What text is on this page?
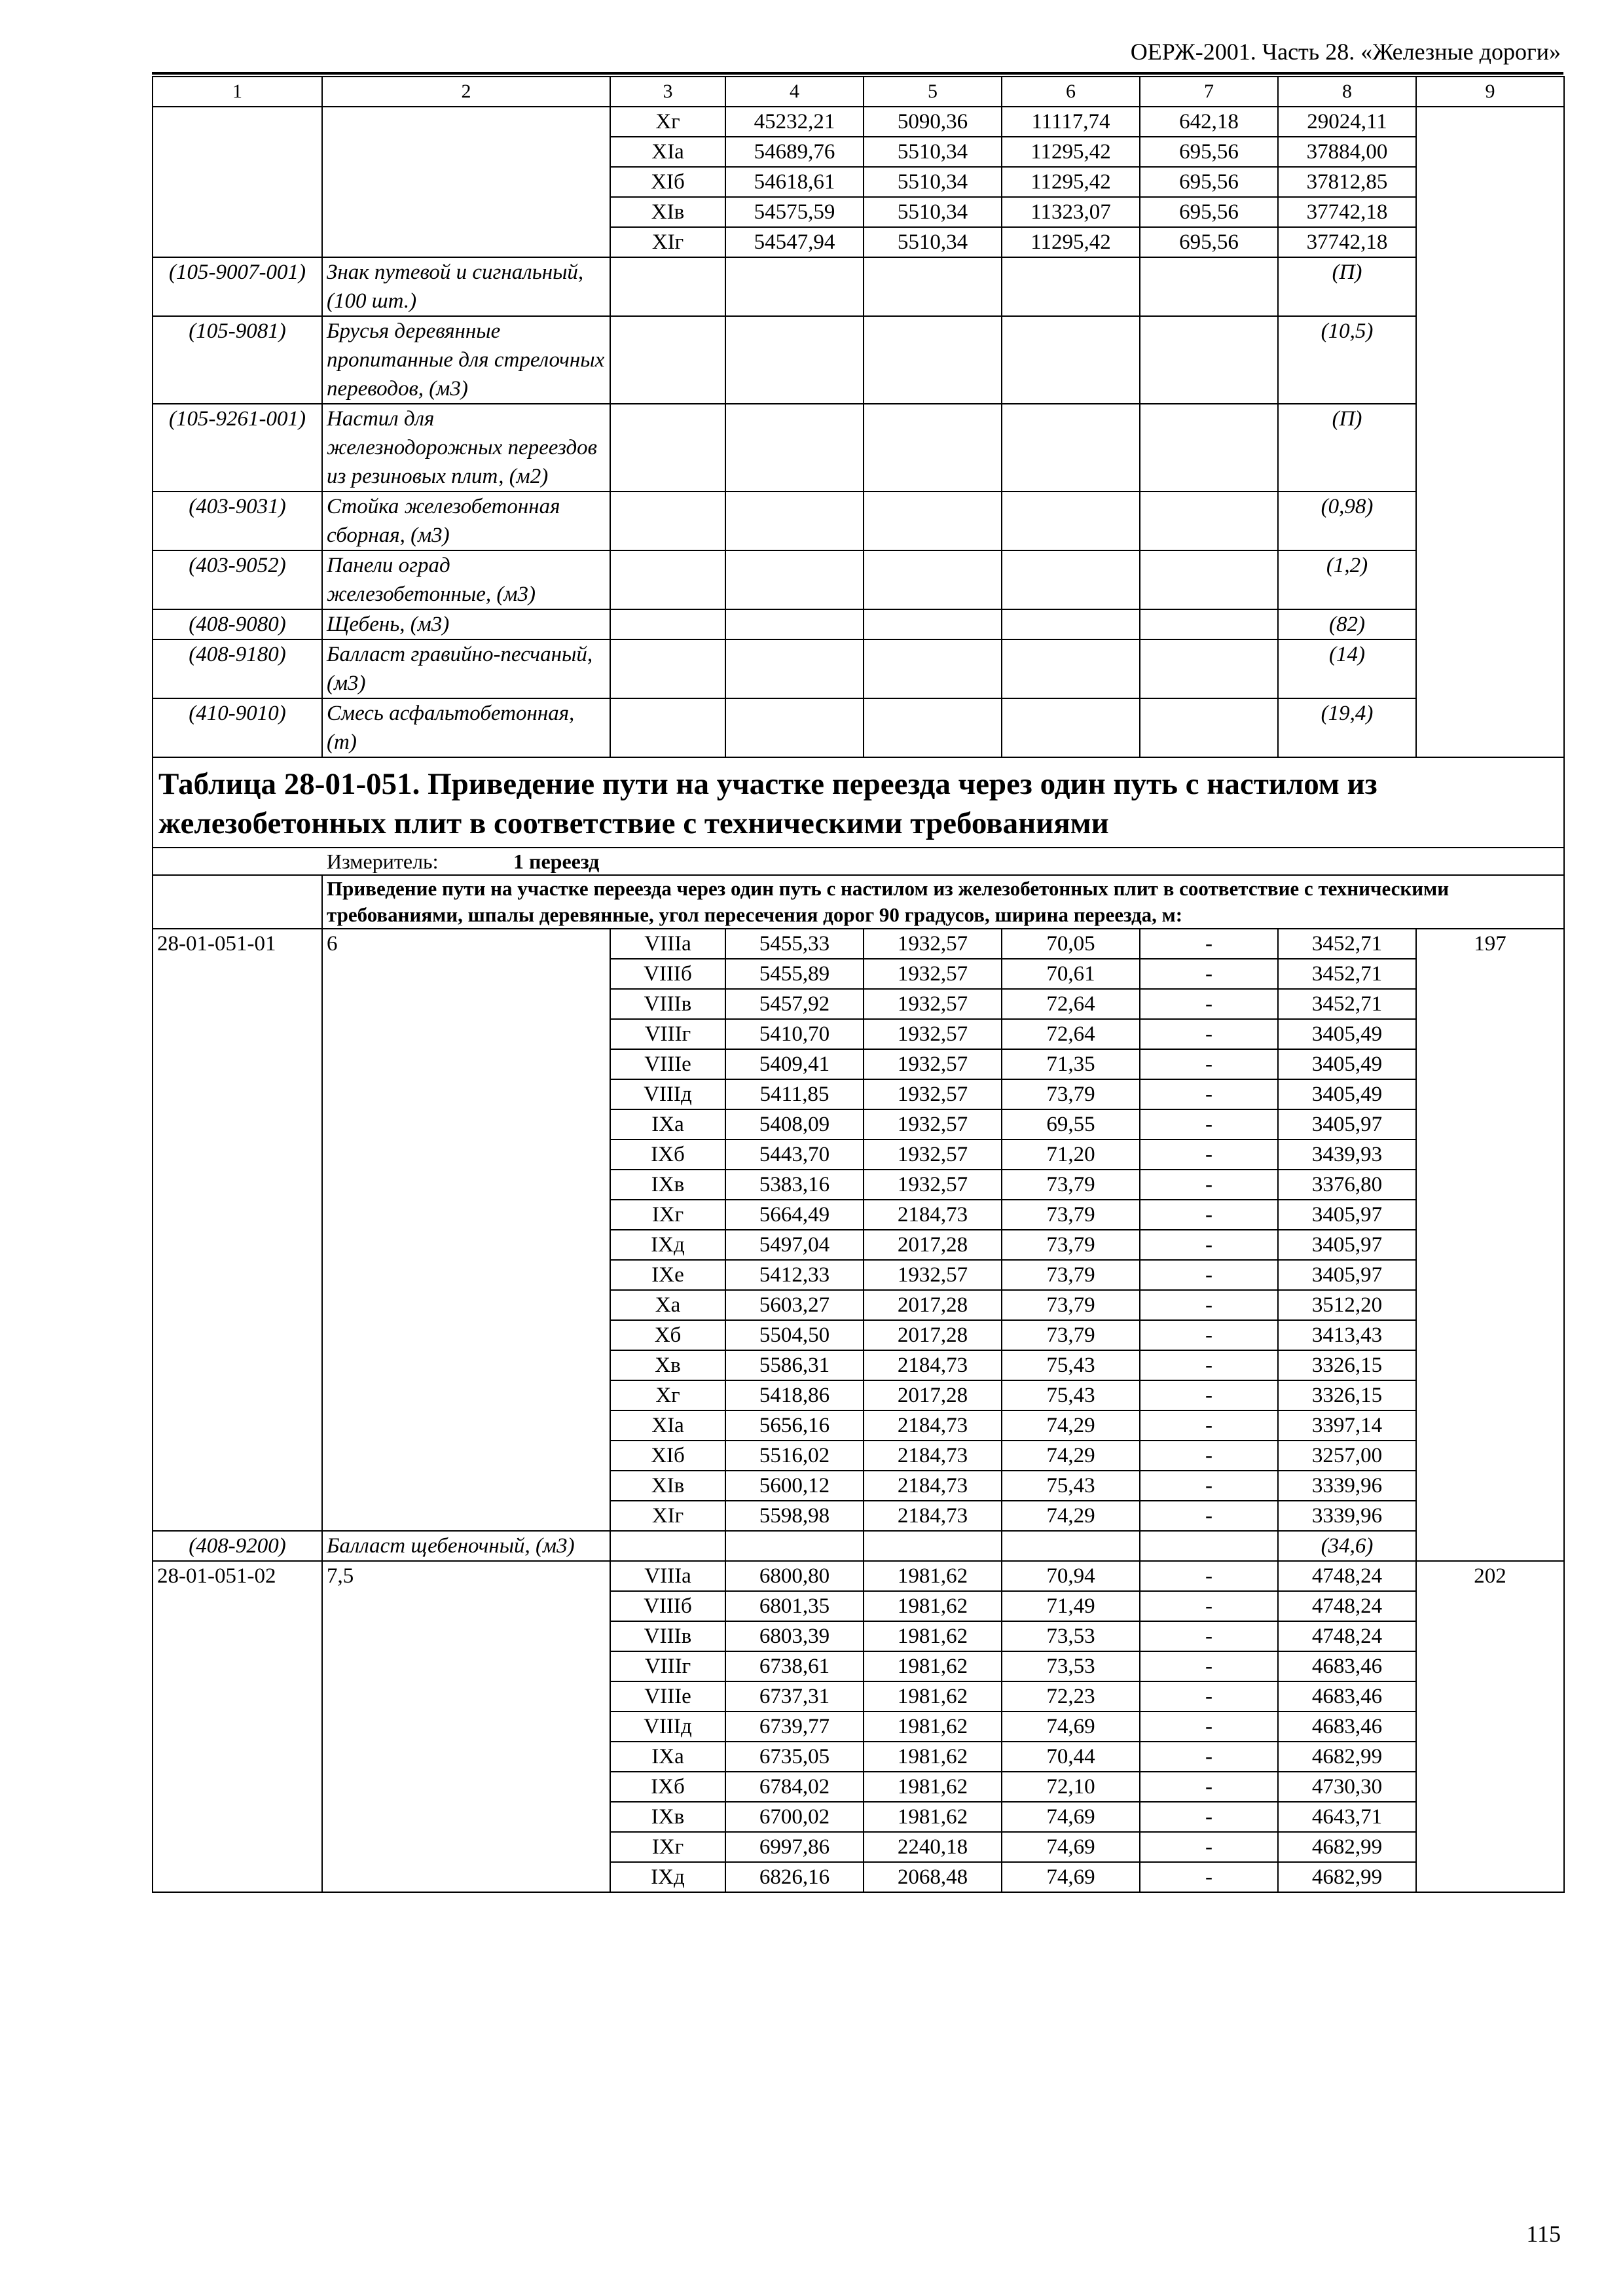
ОЕРЖ-2001. Часть 28. «Железные дороги»
1	2	3	4	5	6	7	8	9
		Xг	45232,21	5090,36	11117,74	642,18	29024,11	
		XIа	54689,76	5510,34	11295,42	695,56	37884,00	
		XIб	54618,61	5510,34	11295,42	695,56	37812,85	
		XIв	54575,59	5510,34	11323,07	695,56	37742,18	
		XIг	54547,94	5510,34	11295,42	695,56	37742,18	
(105-9007-001)	Знак путевой и сигнальный, (100 шт.)						(П)	
(105-9081)	Брусья деревянные пропитанные для стрелочных переводов, (м3)						(10,5)	
(105-9261-001)	Настил для железнодорожных переездов из резиновых плит, (м2)						(П)	
(403-9031)	Стойка железобетонная сборная, (м3)						(0,98)	
(403-9052)	Панели оград железобетонные, (м3)						(1,2)	
(408-9080)	Щебень, (м3)						(82)	
(408-9180)	Балласт гравийно-песчаный, (м3)						(14)	
(410-9010)	Смесь асфальтобетонная, (т)						(19,4)	
Таблица 28-01-051. Приведение пути на участке переезда через один путь с настилом из железобетонных плит в соответствие с техническими требованиями								
Измеритель: 1 переезд								
	Приведение пути на участке переезда через один путь с настилом из железобетонных плит в соответствие с техническими требованиями, шпалы деревянные, угол пересечения дорог 90 градусов, ширина переезда, м:							
28-01-051-01	6	VIIIа	5455,33	1932,57	70,05	-	3452,71	197
		VIIIб	5455,89	1932,57	70,61	-	3452,71	
		VIIIв	5457,92	1932,57	72,64	-	3452,71	
		VIIIг	5410,70	1932,57	72,64	-	3405,49	
		VIIIе	5409,41	1932,57	71,35	-	3405,49	
		VIIIд	5411,85	1932,57	73,79	-	3405,49	
		IXа	5408,09	1932,57	69,55	-	3405,97	
		IXб	5443,70	1932,57	71,20	-	3439,93	
		IXв	5383,16	1932,57	73,79	-	3376,80	
		IXг	5664,49	2184,73	73,79	-	3405,97	
		IXд	5497,04	2017,28	73,79	-	3405,97	
		IXе	5412,33	1932,57	73,79	-	3405,97	
		Xа	5603,27	2017,28	73,79	-	3512,20	
		Xб	5504,50	2017,28	73,79	-	3413,43	
		Xв	5586,31	2184,73	75,43	-	3326,15	
		Xг	5418,86	2017,28	75,43	-	3326,15	
		XIа	5656,16	2184,73	74,29	-	3397,14	
		XIб	5516,02	2184,73	74,29	-	3257,00	
		XIв	5600,12	2184,73	75,43	-	3339,96	
		XIг	5598,98	2184,73	74,29	-	3339,96	
(408-9200)	Балласт щебеночный, (м3)						(34,6)	
28-01-051-02	7,5	VIIIа	6800,80	1981,62	70,94	-	4748,24	202
		VIIIб	6801,35	1981,62	71,49	-	4748,24	
		VIIIв	6803,39	1981,62	73,53	-	4748,24	
		VIIIг	6738,61	1981,62	73,53	-	4683,46	
		VIIIе	6737,31	1981,62	72,23	-	4683,46	
		VIIIд	6739,77	1981,62	74,69	-	4683,46	
		IXа	6735,05	1981,62	70,44	-	4682,99	
		IXб	6784,02	1981,62	72,10	-	4730,30	
		IXв	6700,02	1981,62	74,69	-	4643,71	
		IXг	6997,86	2240,18	74,69	-	4682,99	
		IXд	6826,16	2068,48	74,69	-	4682,99	
115
